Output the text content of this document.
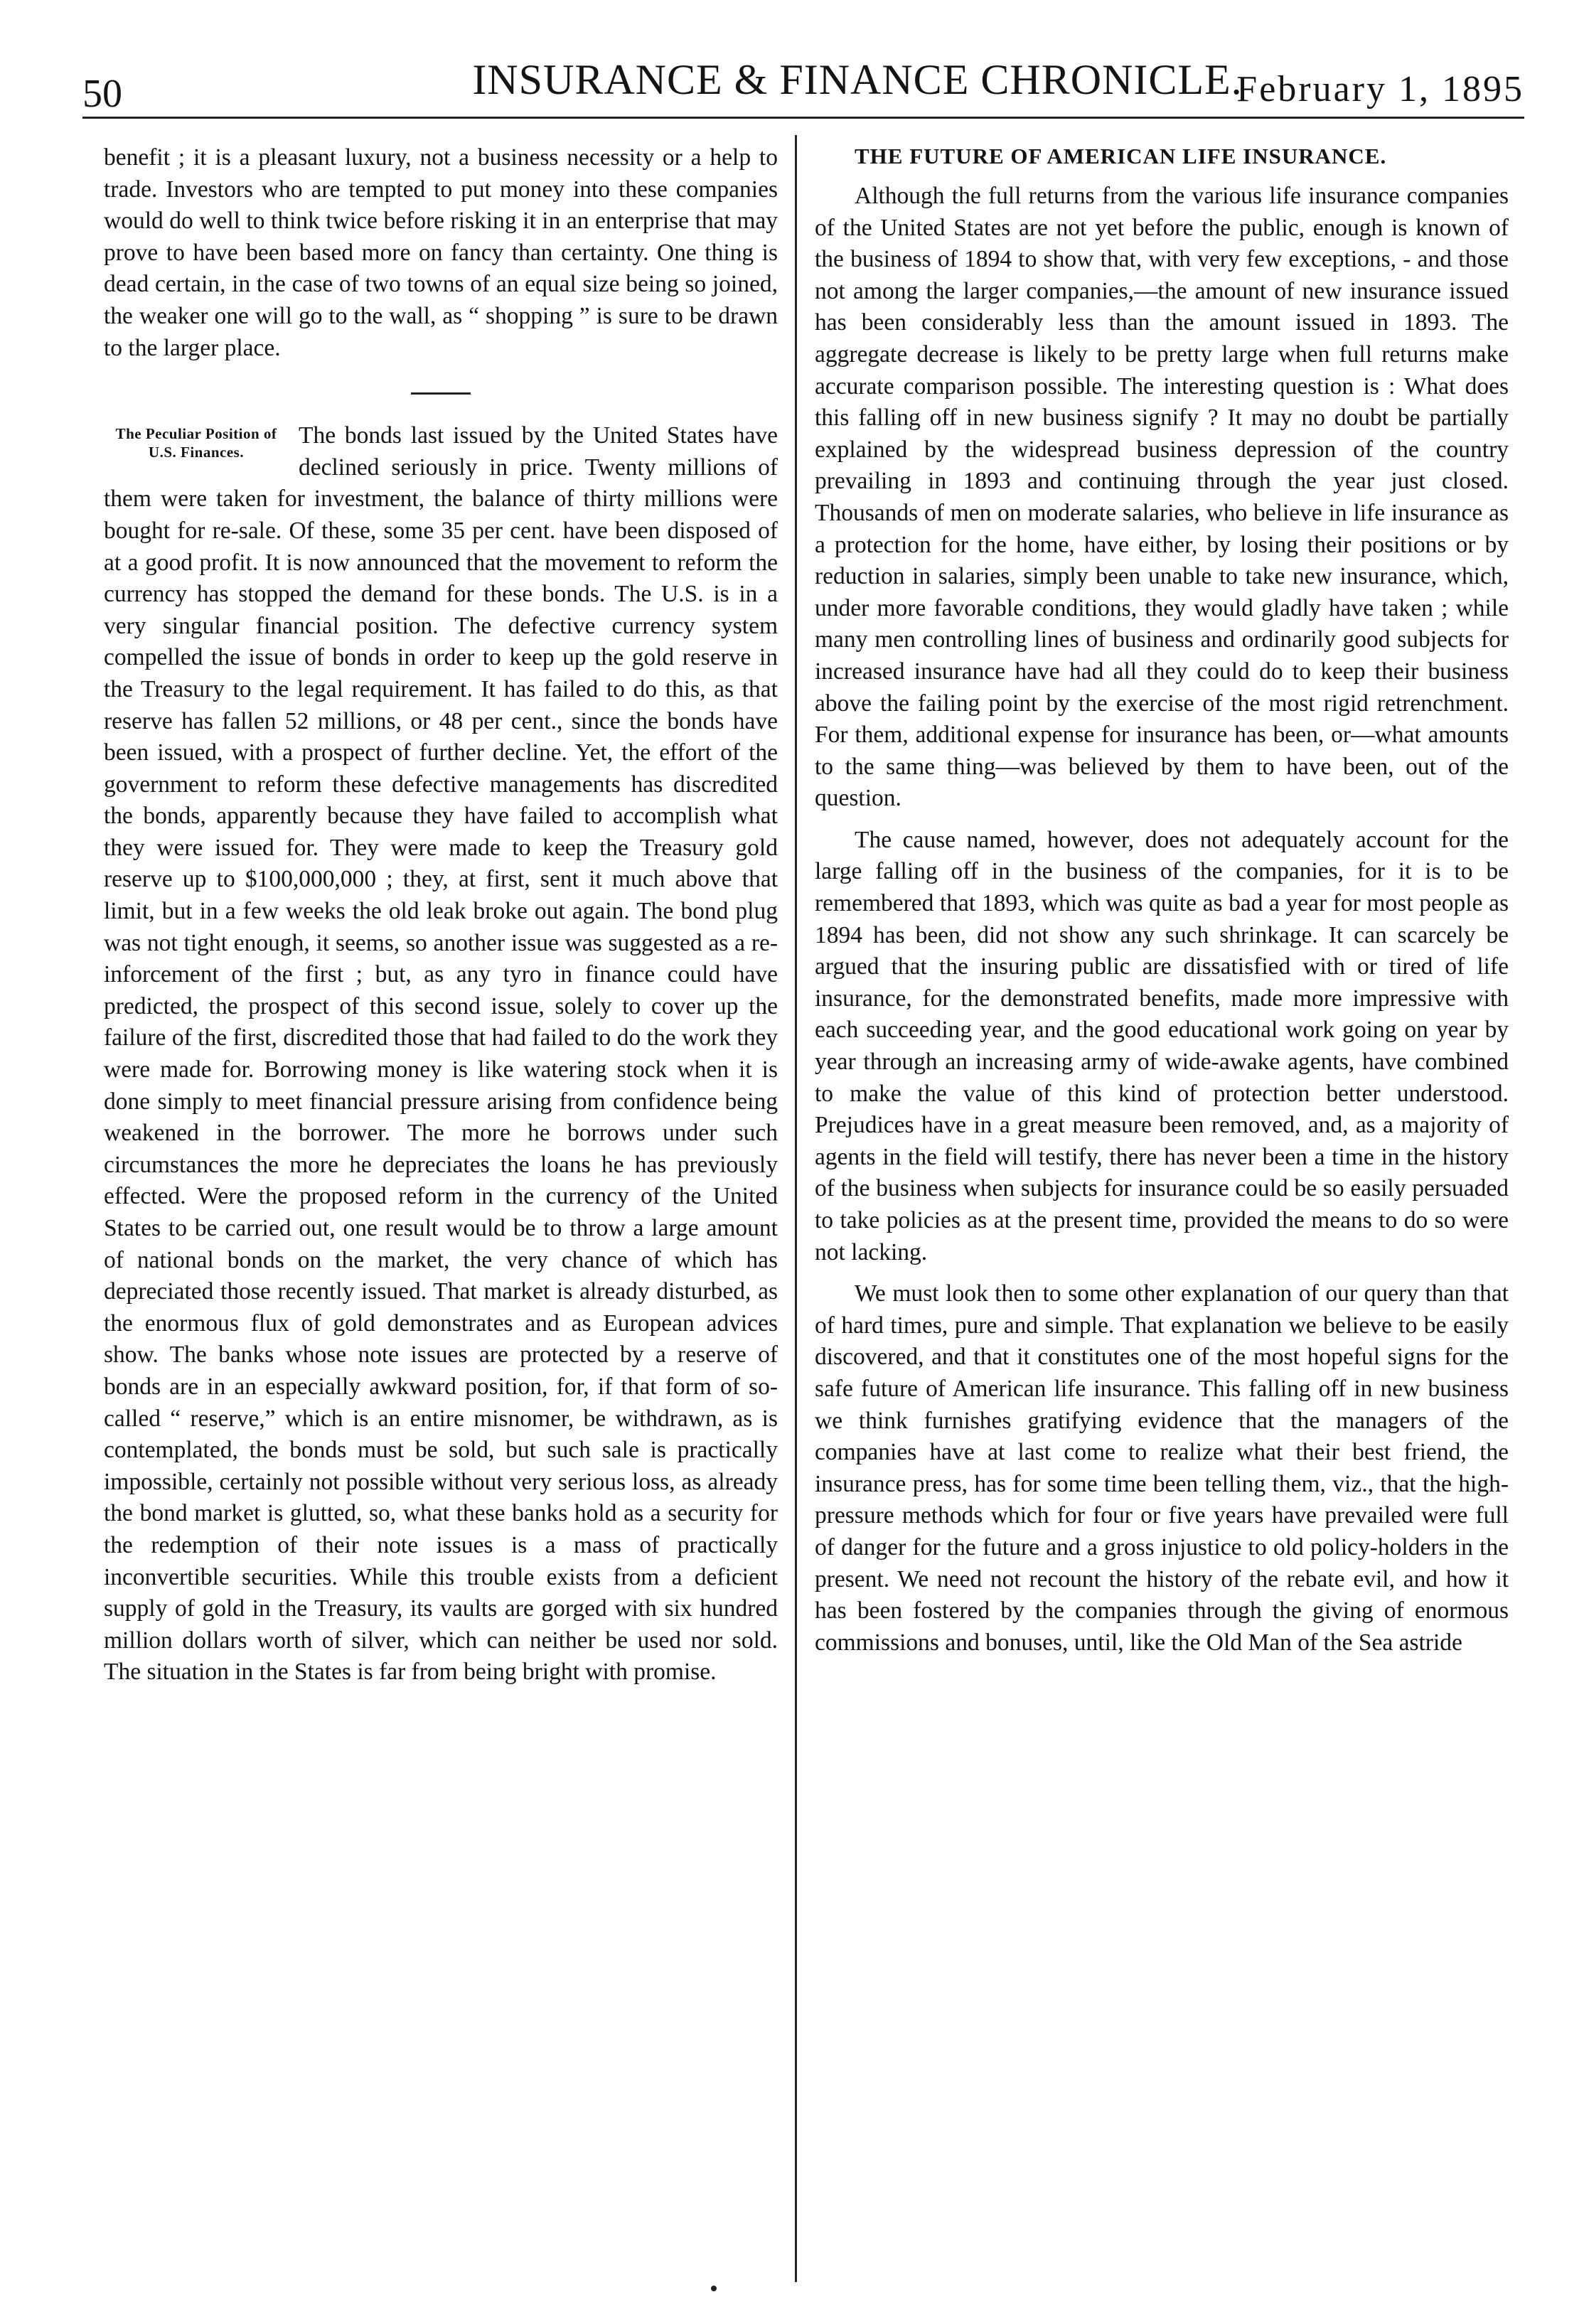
50	INSURANCE & FINANCE CHRONICLE.
February 1, 1895

benefit ; it is a pleasant luxury, not a business necessity or a help to trade. Investors who are tempted to put money into these companies would do well to think twice before risking it in an enterprise that may prove to have been based more on fancy than certainty. One thing is dead certain, in the case of two towns of an equal size being so joined, the weaker one will go to the wall, as “ shopping ” is sure to be drawn to the larger place.

The Peculiar Position of U.S. Finances.

The bonds last issued by the United States have declined seriously in price. Twenty millions of them were taken for investment, the balance of thirty millions were bought for re-sale. Of these, some 35 per cent. have been disposed of at a good profit. It is now announced that the movement to reform the currency has stopped the demand for these bonds. The U.S. is in a very singular financial position. The defective currency system compelled the issue of bonds in order to keep up the gold reserve in the Treasury to the legal requirement. It has failed to do this, as that reserve has fallen 52 millions, or 48 per cent., since the bonds have been issued, with a prospect of further decline. Yet, the effort of the government to reform these defective managements has discredited the bonds, apparently because they have failed to accomplish what they were issued for. They were made to keep the Treasury gold reserve up to $100,000,000 ; they, at first, sent it much above that limit, but in a few weeks the old leak broke out again. The bond plug was not tight enough, it seems, so another issue was suggested as a re-inforcement of the first ; but, as any tyro in finance could have predicted, the prospect of this second issue, solely to cover up the failure of the first, discredited those that had failed to do the work they were made for. Borrowing money is like watering stock when it is done simply to meet financial pressure arising from confidence being weakened in the borrower. The more he borrows under such circumstances the more he depreciates the loans he has previously effected. Were the proposed reform in the currency of the United States to be carried out, one result would be to throw a large amount of national bonds on the market, the very chance of which has depreciated those recently issued. That market is already disturbed, as the enormous flux of gold demonstrates and as European advices show. The banks whose note issues are protected by a reserve of bonds are in an especially awkward position, for, if that form of so-called “ reserve,” which is an entire misnomer, be withdrawn, as is contemplated, the bonds must be sold, but such sale is practically impossible, certainly not possible without very serious loss, as already the bond market is glutted, so, what these banks hold as a security for the redemption of their note issues is a mass of practically inconvertible securities. While this trouble exists from a deficient supply of gold in the Treasury, its vaults are gorged with six hundred million dollars worth of silver, which can neither be used nor sold. The situation in the States is far from being bright with promise.

THE FUTURE OF AMERICAN LIFE INSURANCE.

Although the full returns from the various life insurance companies of the United States are not yet before the public, enough is known of the business of 1894 to show that, with very few exceptions, - and those not among the larger companies,—the amount of new insurance issued has been considerably less than the amount issued in 1893. The aggregate decrease is likely to be pretty large when full returns make accurate comparison possible. The interesting question is : What does this falling off in new business signify ? It may no doubt be partially explained by the widespread business depression of the country prevailing in 1893 and continuing through the year just closed. Thousands of men on moderate salaries, who believe in life insurance as a protection for the home, have either, by losing their positions or by reduction in salaries, simply been unable to take new insurance, which, under more favorable conditions, they would gladly have taken ; while many men controlling lines of business and ordinarily good subjects for increased insurance have had all they could do to keep their business above the failing point by the exercise of the most rigid retrenchment. For them, additional expense for insurance has been, or—what amounts to the same thing—was believed by them to have been, out of the question.

The cause named, however, does not adequately account for the large falling off in the business of the companies, for it is to be remembered that 1893, which was quite as bad a year for most people as 1894 has been, did not show any such shrinkage. It can scarcely be argued that the insuring public are dissatisfied with or tired of life insurance, for the demonstrated benefits, made more impressive with each succeeding year, and the good educational work going on year by year through an increasing army of wide-awake agents, have combined to make the value of this kind of protection better understood. Prejudices have in a great measure been removed, and, as a majority of agents in the field will testify, there has never been a time in the history of the business when subjects for insurance could be so easily persuaded to take policies as at the present time, provided the means to do so were not lacking.

We must look then to some other explanation of our query than that of hard times, pure and simple. That explanation we believe to be easily discovered, and that it constitutes one of the most hopeful signs for the safe future of American life insurance. This falling off in new business we think furnishes gratifying evidence that the managers of the companies have at last come to realize what their best friend, the insurance press, has for some time been telling them, viz., that the high-pressure methods which for four or five years have prevailed were full of danger for the future and a gross injustice to old policy-holders in the present. We need not recount the history of the rebate evil, and how it has been fostered by the companies through the giving of enormous commissions and bonuses, until, like the Old Man of the Sea astride
